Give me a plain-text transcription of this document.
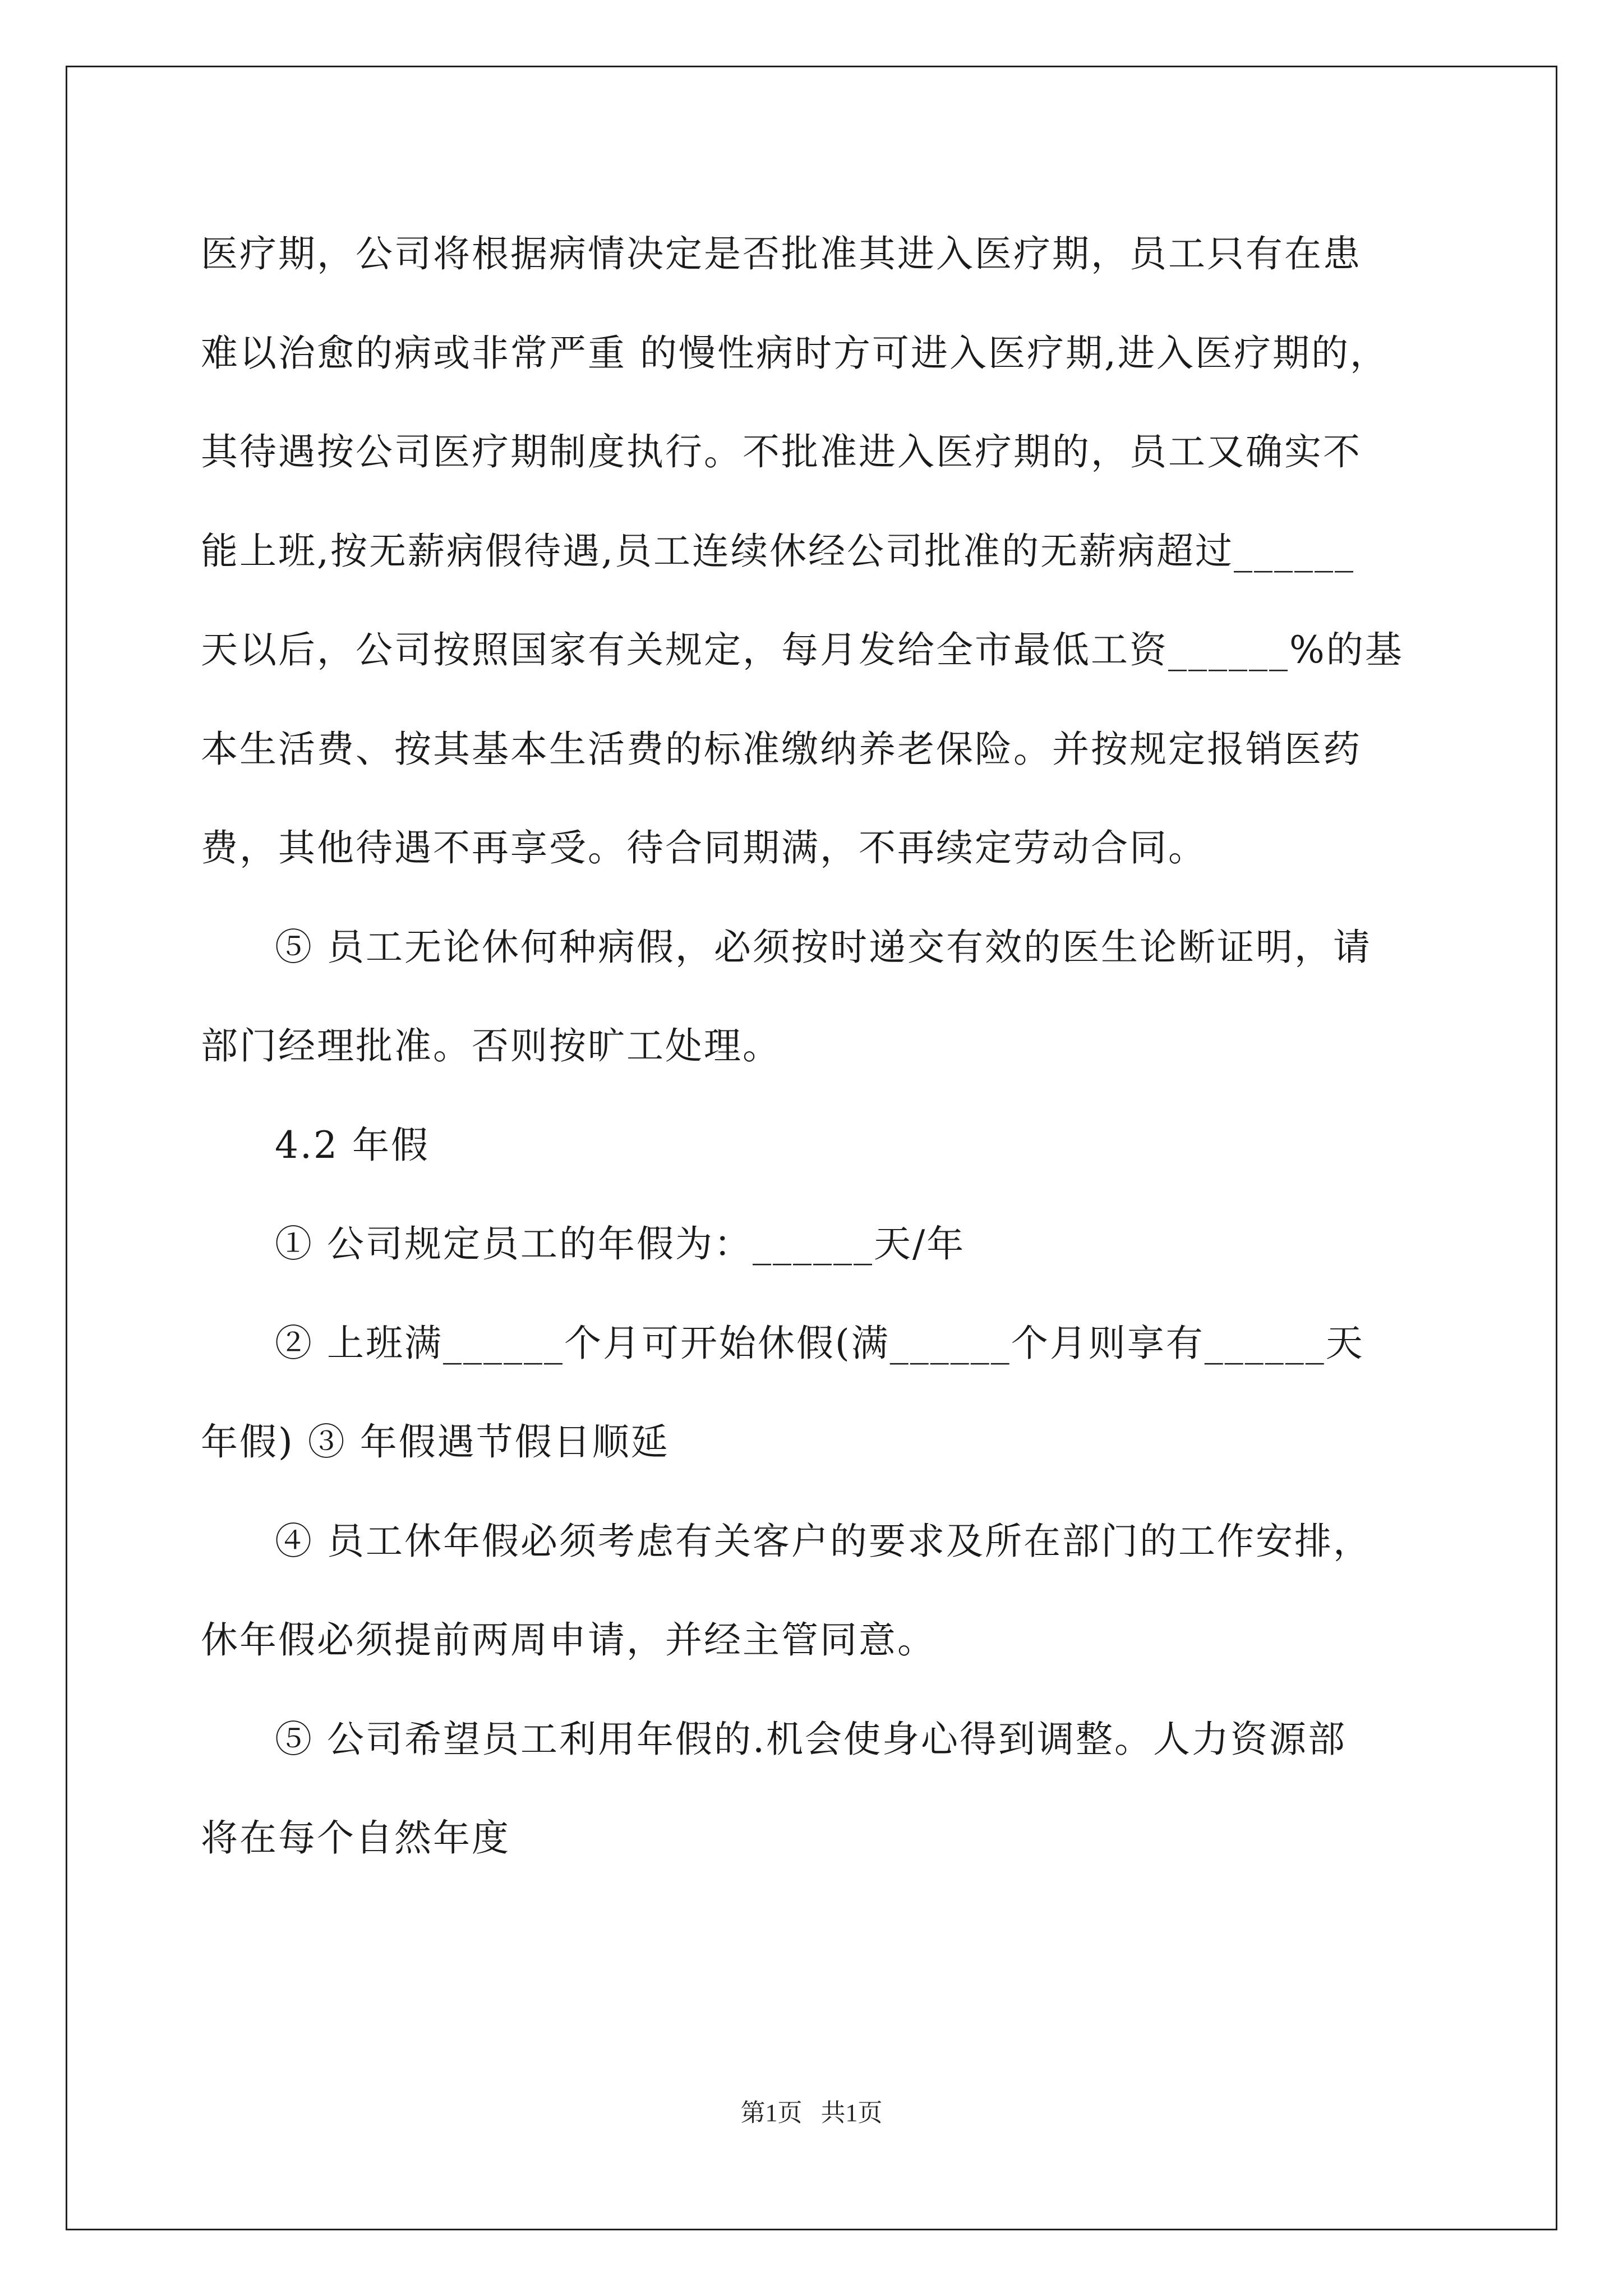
医疗期，公司将根据病情决定是否批准其进入医疗期，员工只有在患
难以治愈的病或非常严重 的慢性病时方可进入医疗期,进入医疗期的，
其待遇按公司医疗期制度执行。不批准进入医疗期的，员工又确实不
能上班,按无薪病假待遇,员工连续休经公司批准的无薪病超过______
天以后，公司按照国家有关规定，每月发给全市最低工资______%的基
本生活费、按其基本生活费的标准缴纳养老保险。并按规定报销医药
费，其他待遇不再享受。待合同期满，不再续定劳动合同。
⑤ 员工无论休何种病假，必须按时递交有效的医生论断证明，请
部门经理批准。否则按旷工处理。
4.2 年假
① 公司规定员工的年假为：______天/年
② 上班满______个月可开始休假(满______个月则享有______天
年假) ③ 年假遇节假日顺延
④ 员工休年假必须考虑有关客户的要求及所在部门的工作安排，
休年假必须提前两周申请，并经主管同意。
⑤ 公司希望员工利用年假的.机会使身心得到调整。人力资源部
将在每个自然年度
第1页   共1页
